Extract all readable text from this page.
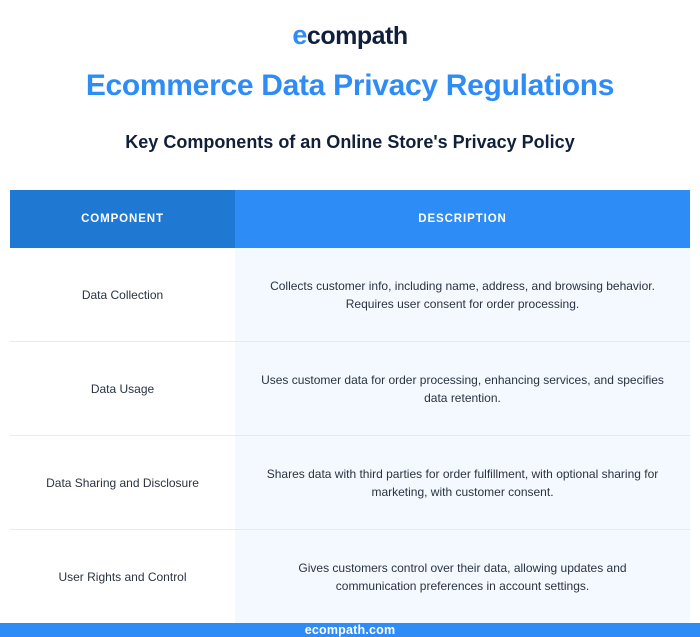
e compath
Ecommerce Data Privacy Regulations
Key Components of an Online Store's Privacy Policy
COMPONENT	DESCRIPTION
Data Collection	Collects customer info, including name, address, and browsing behavior. Requires user consent for order processing.
Data Usage	Uses customer data for order processing, enhancing services, and specifies data retention.
Data Sharing and Disclosure	Shares data with third parties for order fulfillment, with optional sharing for marketing, with customer consent.
User Rights and Control	Gives customers control over their data, allowing updates and communication preferences in account settings.
ecompath.com
